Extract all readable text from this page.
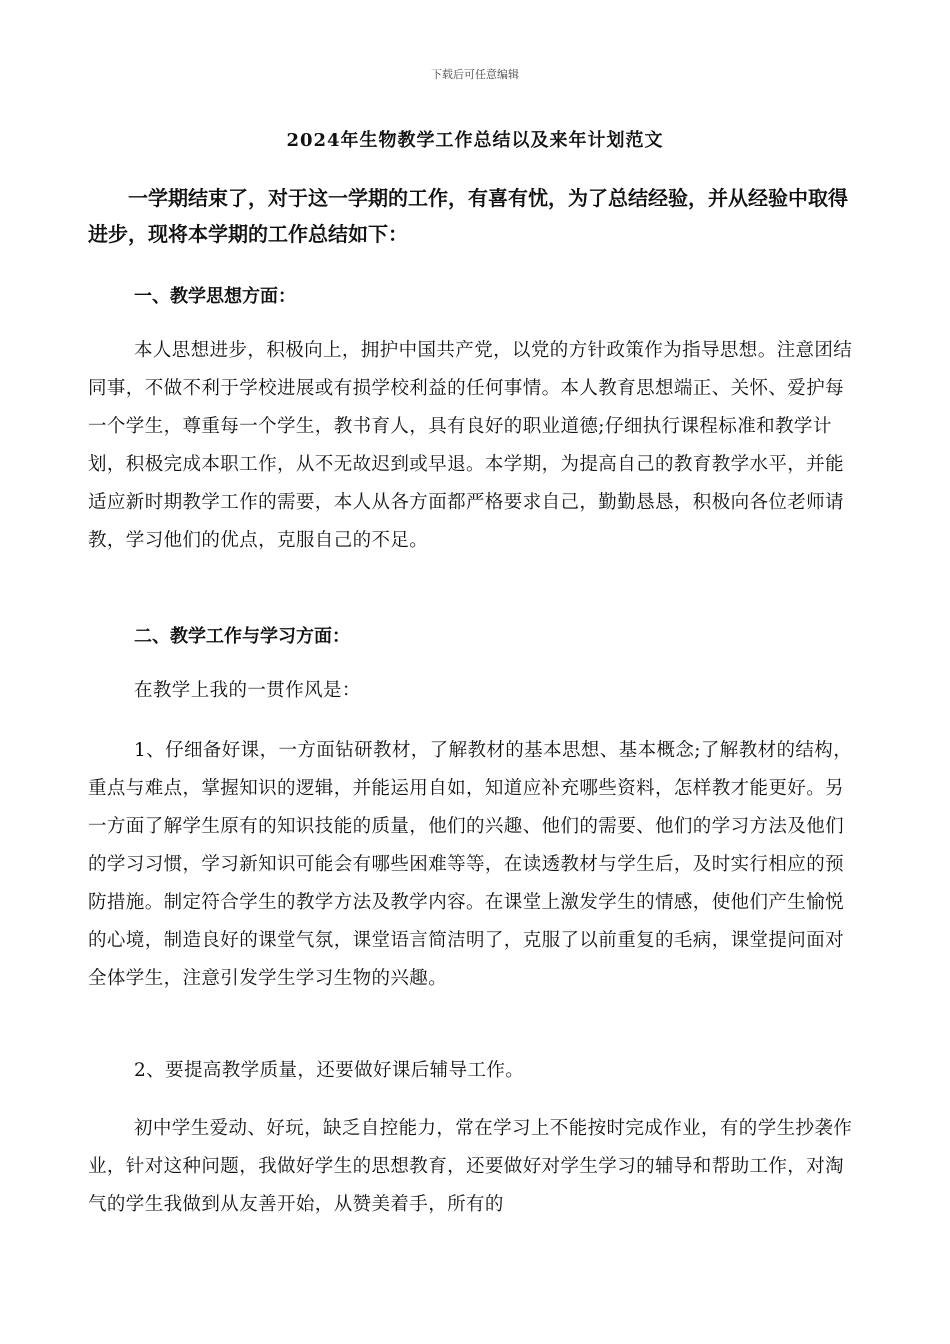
下载后可任意编辑
2024年生物教学工作总结以及来年计划范文

一学期结束了，对于这一学期的工作，有喜有忧，为了总结经验，并从经验中取得进步，现将本学期的工作总结如下：

一、教学思想方面：

本人思想进步，积极向上，拥护中国共产党，以党的方针政策作为指导思想。注意团结同事，不做不利于学校进展或有损学校利益的任何事情。本人教育思想端正、关怀、爱护每一个学生，尊重每一个学生，教书育人，具有良好的职业道德;仔细执行课程标准和教学计划，积极完成本职工作，从不无故迟到或早退。本学期，为提高自己的教育教学水平，并能适应新时期教学工作的需要，本人从各方面都严格要求自己，勤勤恳恳，积极向各位老师请教，学习他们的优点，克服自己的不足。

二、教学工作与学习方面：

在教学上我的一贯作风是：

1、仔细备好课，一方面钻研教材，了解教材的基本思想、基本概念;了解教材的结构，重点与难点，掌握知识的逻辑，并能运用自如，知道应补充哪些资料，怎样教才能更好。另一方面了解学生原有的知识技能的质量，他们的兴趣、他们的需要、他们的学习方法及他们的学习习惯，学习新知识可能会有哪些困难等等，在读透教材与学生后，及时实行相应的预防措施。制定符合学生的教学方法及教学内容。在课堂上激发学生的情感，使他们产生愉悦的心境，制造良好的课堂气氛，课堂语言简洁明了，克服了以前重复的毛病，课堂提问面对全体学生，注意引发学生学习生物的兴趣。

2、要提高教学质量，还要做好课后辅导工作。

初中学生爱动、好玩，缺乏自控能力，常在学习上不能按时完成作业，有的学生抄袭作业，针对这种问题，我做好学生的思想教育，还要做好对学生学习的辅导和帮助工作，对淘气的学生我做到从友善开始，从赞美着手，所有的
